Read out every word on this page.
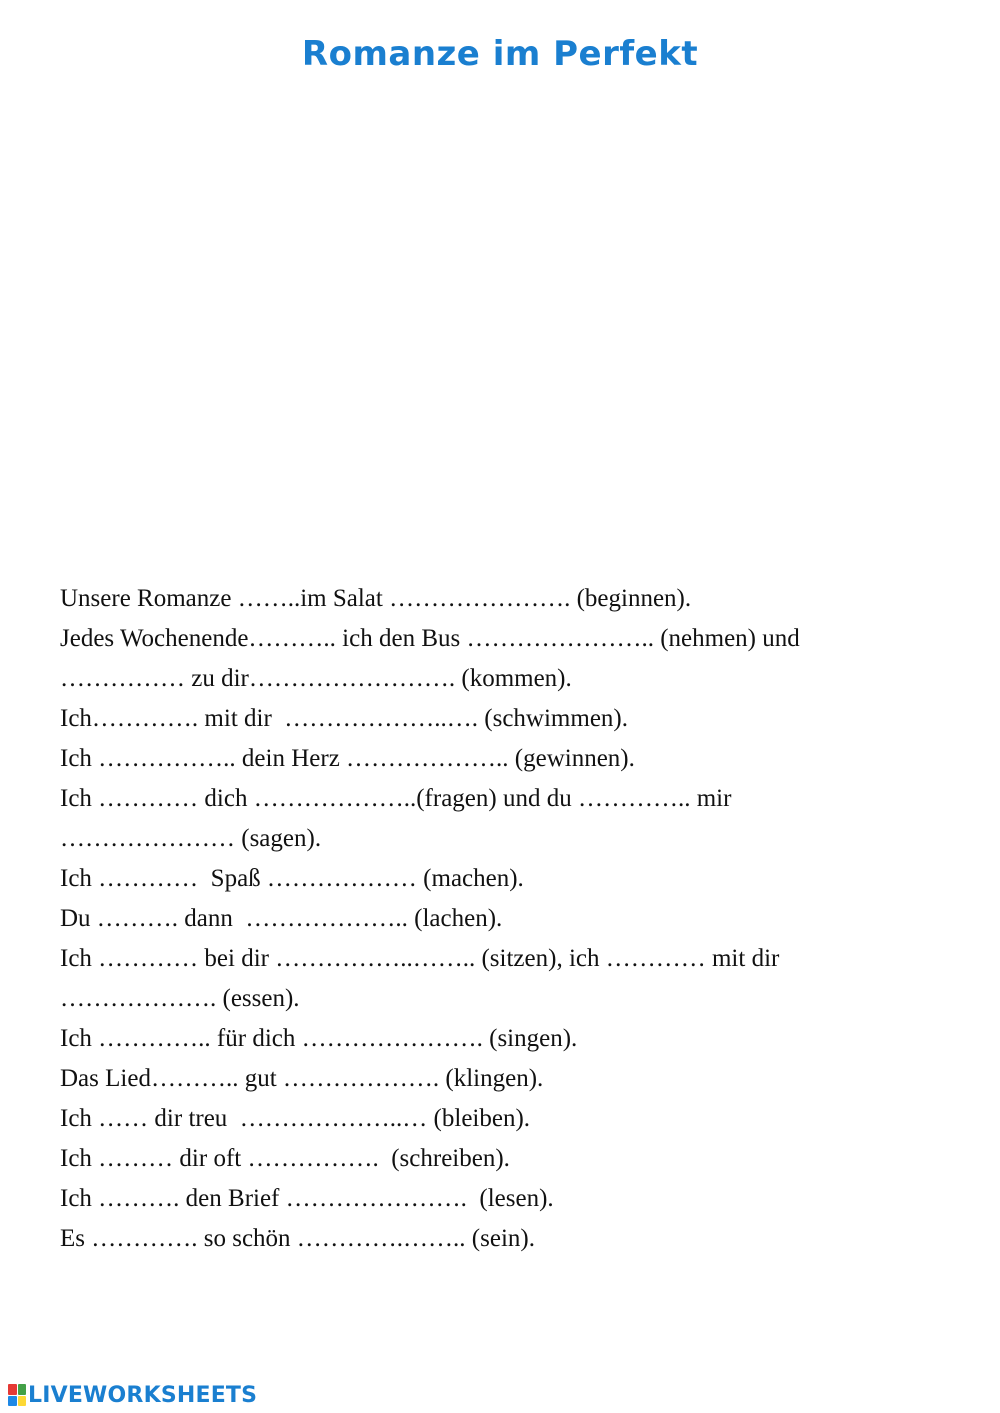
Romanze im Perfekt
Unsere Romanze ……..im Salat …………………. (beginnen).
Jedes Wochenende……….. ich den Bus ………………….. (nehmen) und
…………… zu dir……………………. (kommen).
Ich…………. mit dir  ………………..…. (schwimmen).
Ich …………….. dein Herz ……………….. (gewinnen).
Ich ………… dich ………………..(fragen) und du ………….. mir
………………… (sagen).
Ich …………  Spaß ……………… (machen).
Du ………. dann  ……………….. (lachen).
Ich ………… bei dir ……………..…….. (sitzen), ich ………… mit dir
………………. (essen).
Ich ………….. für dich …………………. (singen).
Das Lied……….. gut ………………. (klingen).
Ich …… dir treu  ………………..… (bleiben).
Ich ……… dir oft …………….  (schreiben).
Ich ………. den Brief ………………….  (lesen).
Es …………. so schön ………….…….. (sein).
LIVEWORKSHEETS
